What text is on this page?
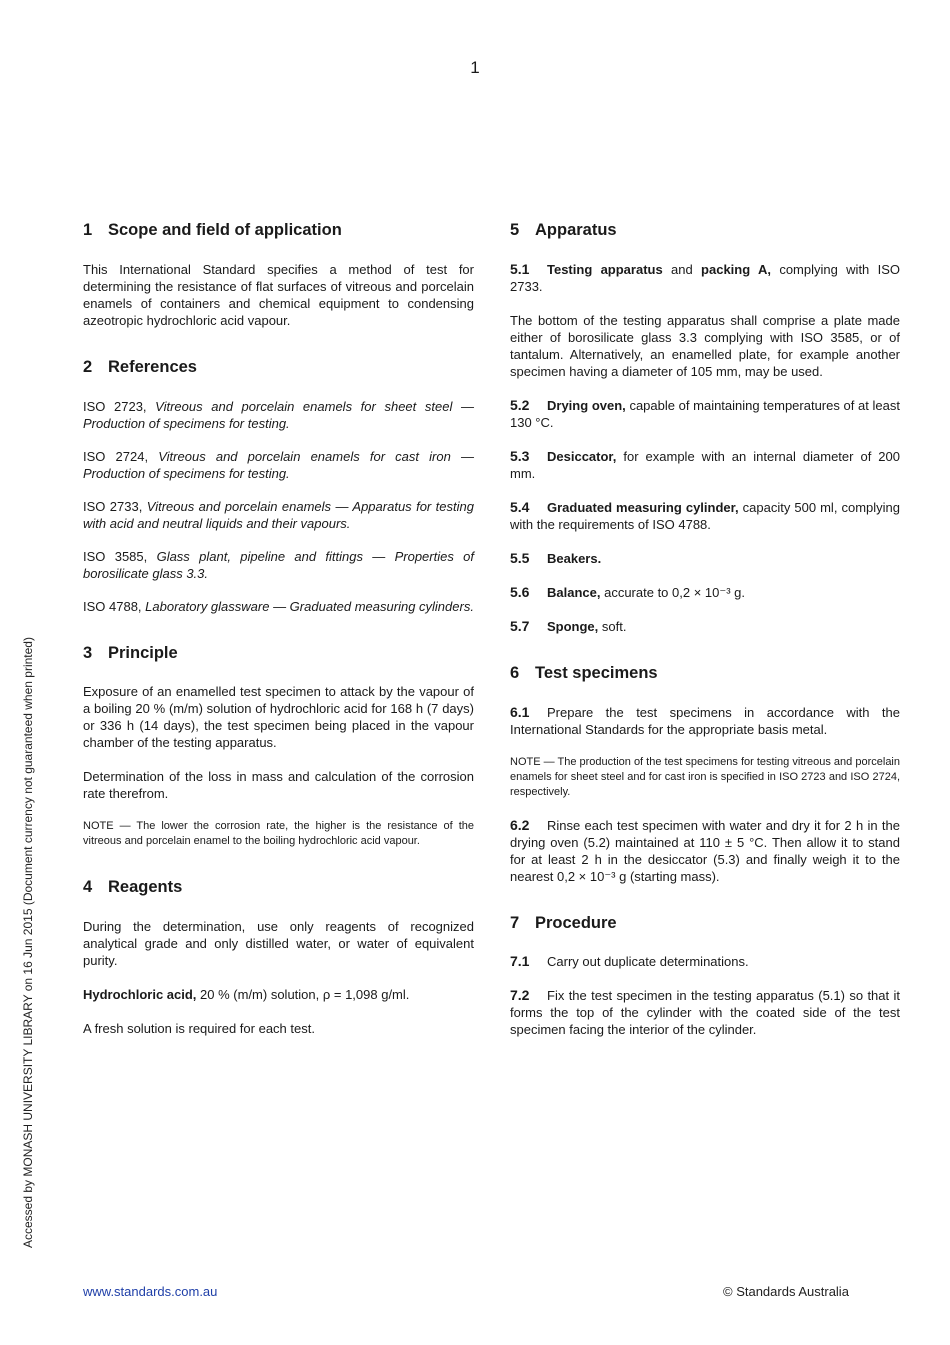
1
Accessed by MONASH UNIVERSITY LIBRARY on 16 Jun 2015 (Document currency not guaranteed when printed)
1 Scope and field of application

This International Standard specifies a method of test for determining the resistance of flat surfaces of vitreous and porcelain enamels of containers and chemical equipment to condensing azeotropic hydrochloric acid vapour.

2 References

ISO 2723, Vitreous and porcelain enamels for sheet steel — Production of specimens for testing.

ISO 2724, Vitreous and porcelain enamels for cast iron — Production of specimens for testing.

ISO 2733, Vitreous and porcelain enamels — Apparatus for testing with acid and neutral liquids and their vapours.

ISO 3585, Glass plant, pipeline and fittings — Properties of borosilicate glass 3.3.

ISO 4788, Laboratory glassware — Graduated measuring cylinders.

3 Principle

Exposure of an enamelled test specimen to attack by the vapour of a boiling 20 % (m/m) solution of hydrochloric acid for 168 h (7 days) or 336 h (14 days), the test specimen being placed in the vapour chamber of the testing apparatus.

Determination of the loss in mass and calculation of the corrosion rate therefrom.

NOTE — The lower the corrosion rate, the higher is the resistance of the vitreous and porcelain enamel to the boiling hydrochloric acid vapour.

4 Reagents

During the determination, use only reagents of recognized analytical grade and only distilled water, or water of equivalent purity.

Hydrochloric acid, 20 % (m/m) solution, ρ = 1,098 g/ml.

A fresh solution is required for each test.

5 Apparatus

5.1 Testing apparatus and packing A, complying with ISO 2733.

The bottom of the testing apparatus shall comprise a plate made either of borosilicate glass 3.3 complying with ISO 3585, or of tantalum. Alternatively, an enamelled plate, for example another specimen having a diameter of 105 mm, may be used.

5.2 Drying oven, capable of maintaining temperatures of at least 130 °C.

5.3 Desiccator, for example with an internal diameter of 200 mm.

5.4 Graduated measuring cylinder, capacity 500 ml, complying with the requirements of ISO 4788.

5.5 Beakers.

5.6 Balance, accurate to 0,2 × 10⁻³ g.

5.7 Sponge, soft.

6 Test specimens

6.1 Prepare the test specimens in accordance with the International Standards for the appropriate basis metal.

NOTE — The production of the test specimens for testing vitreous and porcelain enamels for sheet steel and for cast iron is specified in ISO 2723 and ISO 2724, respectively.

6.2 Rinse each test specimen with water and dry it for 2 h in the drying oven (5.2) maintained at 110 ± 5 °C. Then allow it to stand for at least 2 h in the desiccator (5.3) and finally weigh it to the nearest 0,2 × 10⁻³ g (starting mass).

7 Procedure

7.1 Carry out duplicate determinations.

7.2 Fix the test specimen in the testing apparatus (5.1) so that it forms the top of the cylinder with the coated side of the test specimen facing the interior of the cylinder.

www.standards.com.au	© Standards Australia
